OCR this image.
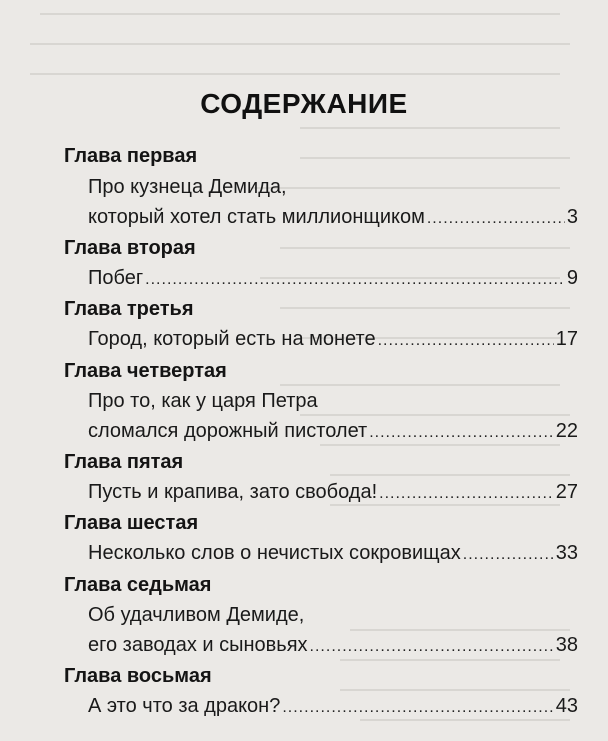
СОДЕРЖАНИЕ
Глава первая
Про кузнеца Демида,
который хотел стать миллионщиком .....	3
Глава вторая
Побег .....	9
Глава третья
Город, который есть на монете .....	17
Глава четвертая
Про то, как у царя Петра
сломался дорожный пистолет .....	22
Глава пятая
Пусть и крапива, зато свобода! .....	27
Глава шестая
Несколько слов о нечистых сокровищах .....	33
Глава седьмая
Об удачливом Демиде,
его заводах и сыновьях .....	38
Глава восьмая
А это что за дракон? .....	43
